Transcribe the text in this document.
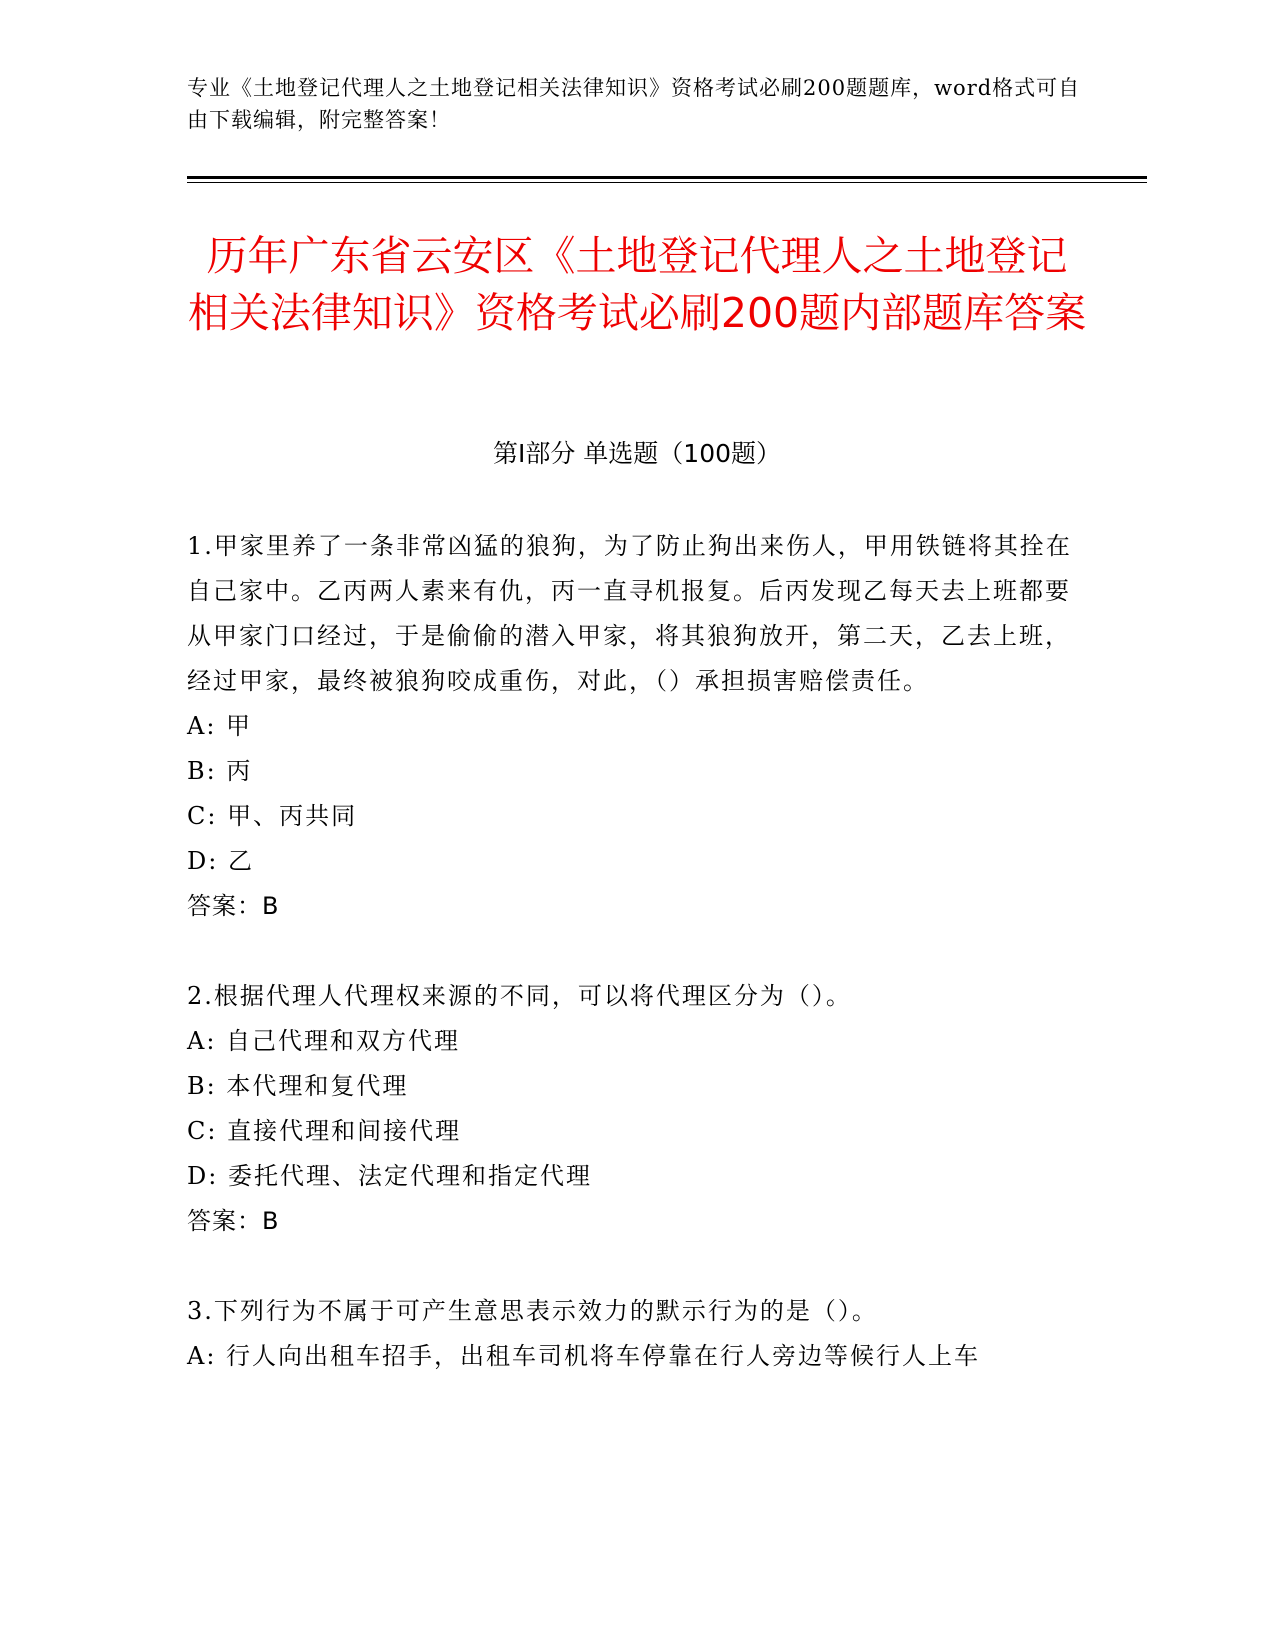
专业《土地登记代理人之土地登记相关法律知识》资格考试必刷200题题库，word格式可自由下载编辑，附完整答案！
历年广东省云安区《土地登记代理人之土地登记相关法律知识》资格考试必刷200题内部题库答案
第Ⅰ部分 单选题（100题）
1.甲家里养了一条非常凶猛的狼狗，为了防止狗出来伤人，甲用铁链将其拴在自己家中。乙丙两人素来有仇，丙一直寻机报复。后丙发现乙每天去上班都要从甲家门口经过，于是偷偷的潜入甲家，将其狼狗放开，第二天，乙去上班，经过甲家，最终被狼狗咬成重伤，对此，（）承担损害赔偿责任。
A: 甲
B: 丙
C: 甲、丙共同
D: 乙
答案：B
2.根据代理人代理权来源的不同，可以将代理区分为（）。
A: 自己代理和双方代理
B: 本代理和复代理
C: 直接代理和间接代理
D: 委托代理、法定代理和指定代理
答案：B
3.下列行为不属于可产生意思表示效力的默示行为的是（）。
A: 行人向出租车招手，出租车司机将车停靠在行人旁边等候行人上车
